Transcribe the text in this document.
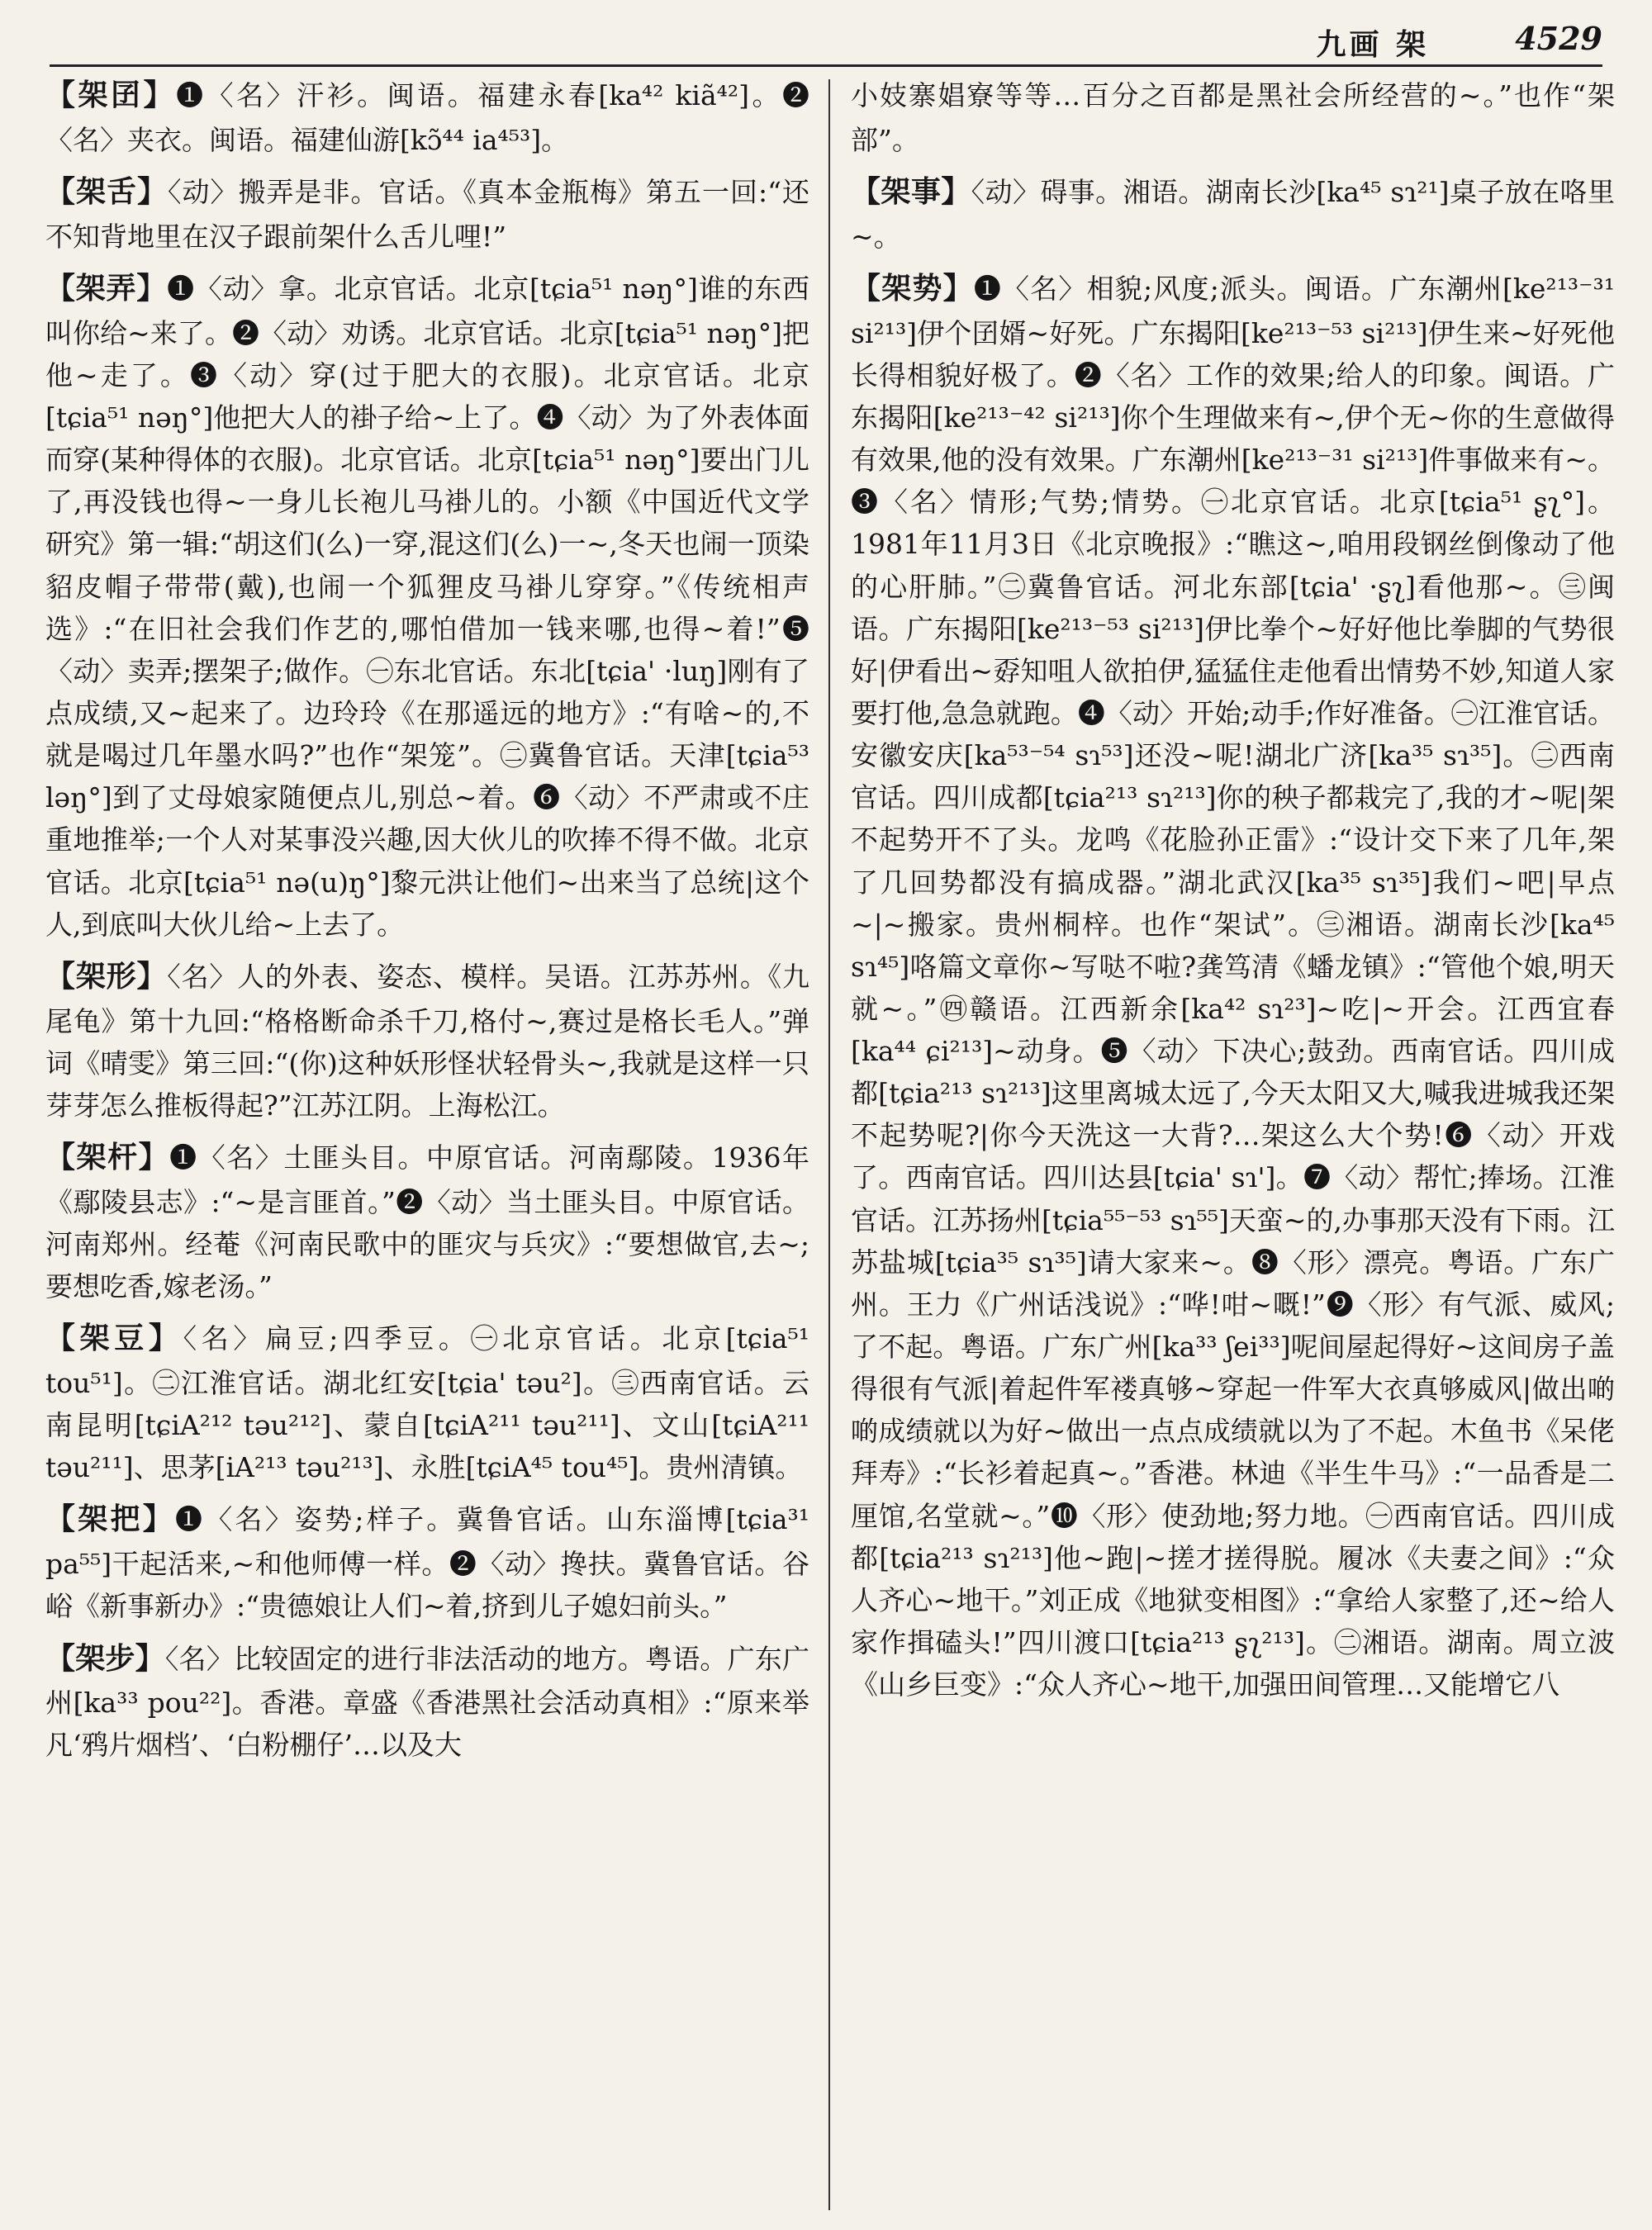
九画 架	4529

【架囝】❶〈名〉汗衫。闽语。福建永春[ka⁴² kiã⁴²]。❷〈名〉夹衣。闽语。福建仙游[kɔ̃⁴⁴ ia⁴⁵³]。

【架舌】〈动〉搬弄是非。官话。《真本金瓶梅》第五一回:“还不知背地里在汉子跟前架什么舌儿哩!”

【架弄】❶〈动〉拿。北京官话。北京[tɕia⁵¹ nəŋ°]谁的东西叫你给~来了。❷〈动〉劝诱。北京官话。北京[tɕia⁵¹ nəŋ°]把他~走了。❸〈动〉穿(过于肥大的衣服)。北京官话。北京[tɕia⁵¹ nəŋ°]他把大人的褂子给~上了。❹〈动〉为了外表体面而穿(某种得体的衣服)。北京官话。北京[tɕia⁵¹ nəŋ°]要出门儿了,再没钱也得~一身儿长袍儿马褂儿的。小额《中国近代文学研究》第一辑:“胡这们(么)一穿,混这们(么)一~,冬天也闹一顶染貂皮帽子带带(戴),也闹一个狐狸皮马褂儿穿穿。”《传统相声选》:“在旧社会我们作艺的,哪怕借加一钱来哪,也得~着!”❺〈动〉卖弄;摆架子;做作。㊀东北官话。东北[tɕia' ·luŋ]刚有了点成绩,又~起来了。边玲玲《在那遥远的地方》:“有啥~的,不就是喝过几年墨水吗?”也作“架笼”。㊁冀鲁官话。天津[tɕia⁵³ ləŋ°]到了丈母娘家随便点儿,别总~着。❻〈动〉不严肃或不庄重地推举;一个人对某事没兴趣,因大伙儿的吹捧不得不做。北京官话。北京[tɕia⁵¹ nə(u)ŋ°]黎元洪让他们~出来当了总统|这个人,到底叫大伙儿给~上去了。

【架形】〈名〉人的外表、姿态、模样。吴语。江苏苏州。《九尾龟》第十九回:“格格断命杀千刀,格付~,赛过是格长毛人。”弹词《晴雯》第三回:“(你)这种妖形怪状轻骨头~,我就是这样一只芽芽怎么推板得起?”江苏江阴。上海松江。

【架杆】❶〈名〉土匪头目。中原官话。河南鄢陵。1936年《鄢陵县志》:“~是言匪首。”❷〈动〉当土匪头目。中原官话。河南郑州。经菴《河南民歌中的匪灾与兵灾》:“要想做官,去~;要想吃香,嫁老汤。”

【架豆】〈名〉扁豆;四季豆。㊀北京官话。北京[tɕia⁵¹ tou⁵¹]。㊁江淮官话。湖北红安[tɕia' təu²]。㊂西南官话。云南昆明[tɕiA²¹² təu²¹²]、蒙自[tɕiA²¹¹ təu²¹¹]、文山[tɕiA²¹¹ təu²¹¹]、思茅[iA²¹³ təu²¹³]、永胜[tɕiA⁴⁵ tou⁴⁵]。贵州清镇。

【架把】❶〈名〉姿势;样子。冀鲁官话。山东淄博[tɕia³¹ pa⁵⁵]干起活来,~和他师傅一样。❷〈动〉搀扶。冀鲁官话。谷峪《新事新办》:“贵德娘让人们~着,挤到儿子媳妇前头。”

【架步】〈名〉比较固定的进行非法活动的地方。粤语。广东广州[ka³³ pou²²]。香港。章盛《香港黑社会活动真相》:“原来举凡‘鸦片烟档’、‘白粉棚仔’…以及大

小妓寨娼寮等等…百分之百都是黑社会所经营的~。”也作“架部”。

【架事】〈动〉碍事。湘语。湖南长沙[ka⁴⁵ sɿ²¹]桌子放在咯里~。

【架势】❶〈名〉相貌;风度;派头。闽语。广东潮州[ke²¹³⁻³¹ si²¹³]伊个囝婿~好死。广东揭阳[ke²¹³⁻⁵³ si²¹³]伊生来~好死他长得相貌好极了。❷〈名〉工作的效果;给人的印象。闽语。广东揭阳[ke²¹³⁻⁴² si²¹³]你个生理做来有~,伊个无~你的生意做得有效果,他的没有效果。广东潮州[ke²¹³⁻³¹ si²¹³]件事做来有~。❸〈名〉情形;气势;情势。㊀北京官话。北京[tɕia⁵¹ ʂʅ°]。1981年11月3日《北京晚报》:“瞧这~,咱用段钢丝倒像动了他的心肝肺。”㊁冀鲁官话。河北东部[tɕia' ·ʂʅ]看他那~。㊂闽语。广东揭阳[ke²¹³⁻⁵³ si²¹³]伊比拳个~好好他比拳脚的气势很好|伊看出~孬知咀人欲拍伊,猛猛住走他看出情势不妙,知道人家要打他,急急就跑。❹〈动〉开始;动手;作好准备。㊀江淮官话。安徽安庆[ka⁵³⁻⁵⁴ sɿ⁵³]还没~呢!湖北广济[ka³⁵ sɿ³⁵]。㊁西南官话。四川成都[tɕia²¹³ sɿ²¹³]你的秧子都栽完了,我的才~呢|架不起势开不了头。龙鸣《花脸孙正雷》:“设计交下来了几年,架了几回势都没有搞成器。”湖北武汉[ka³⁵ sɿ³⁵]我们~吧|早点~|~搬家。贵州桐梓。也作“架试”。㊂湘语。湖南长沙[ka⁴⁵ sɿ⁴⁵]咯篇文章你~写哒不啦?龚笃清《蟠龙镇》:“管他个娘,明天就~。”㊃赣语。江西新余[ka⁴² sɿ²³]~吃|~开会。江西宜春[ka⁴⁴ ɕi²¹³]~动身。❺〈动〉下决心;鼓劲。西南官话。四川成都[tɕia²¹³ sɿ²¹³]这里离城太远了,今天太阳又大,喊我进城我还架不起势呢?|你今天洗这一大背?…架这么大个势!❻〈动〉开戏了。西南官话。四川达县[tɕia' sɿ']。❼〈动〉帮忙;捧场。江淮官话。江苏扬州[tɕia⁵⁵⁻⁵³ sɿ⁵⁵]天蛮~的,办事那天没有下雨。江苏盐城[tɕia³⁵ sɿ³⁵]请大家来~。❽〈形〉漂亮。粤语。广东广州。王力《广州话浅说》:“哗!咁~嘅!”❾〈形〉有气派、威风;了不起。粤语。广东广州[ka³³ ʃei³³]呢间屋起得好~这间房子盖得很有气派|着起件军褛真够~穿起一件军大衣真够威风|做出啲啲成绩就以为好~做出一点点成绩就以为了不起。木鱼书《呆佬拜寿》:“长衫着起真~。”香港。林迪《半生牛马》:“一品香是二厘馆,名堂就~。”❿〈形〉使劲地;努力地。㊀西南官话。四川成都[tɕia²¹³ sɿ²¹³]他~跑|~搓才搓得脱。履冰《夫妻之间》:“众人齐心~地干。”刘正成《地狱变相图》:“拿给人家整了,还~给人家作揖磕头!”四川渡口[tɕia²¹³ ʂʅ²¹³]。㊁湘语。湖南。周立波《山乡巨变》:“众人齐心~地干,加强田间管理…又能增它八
